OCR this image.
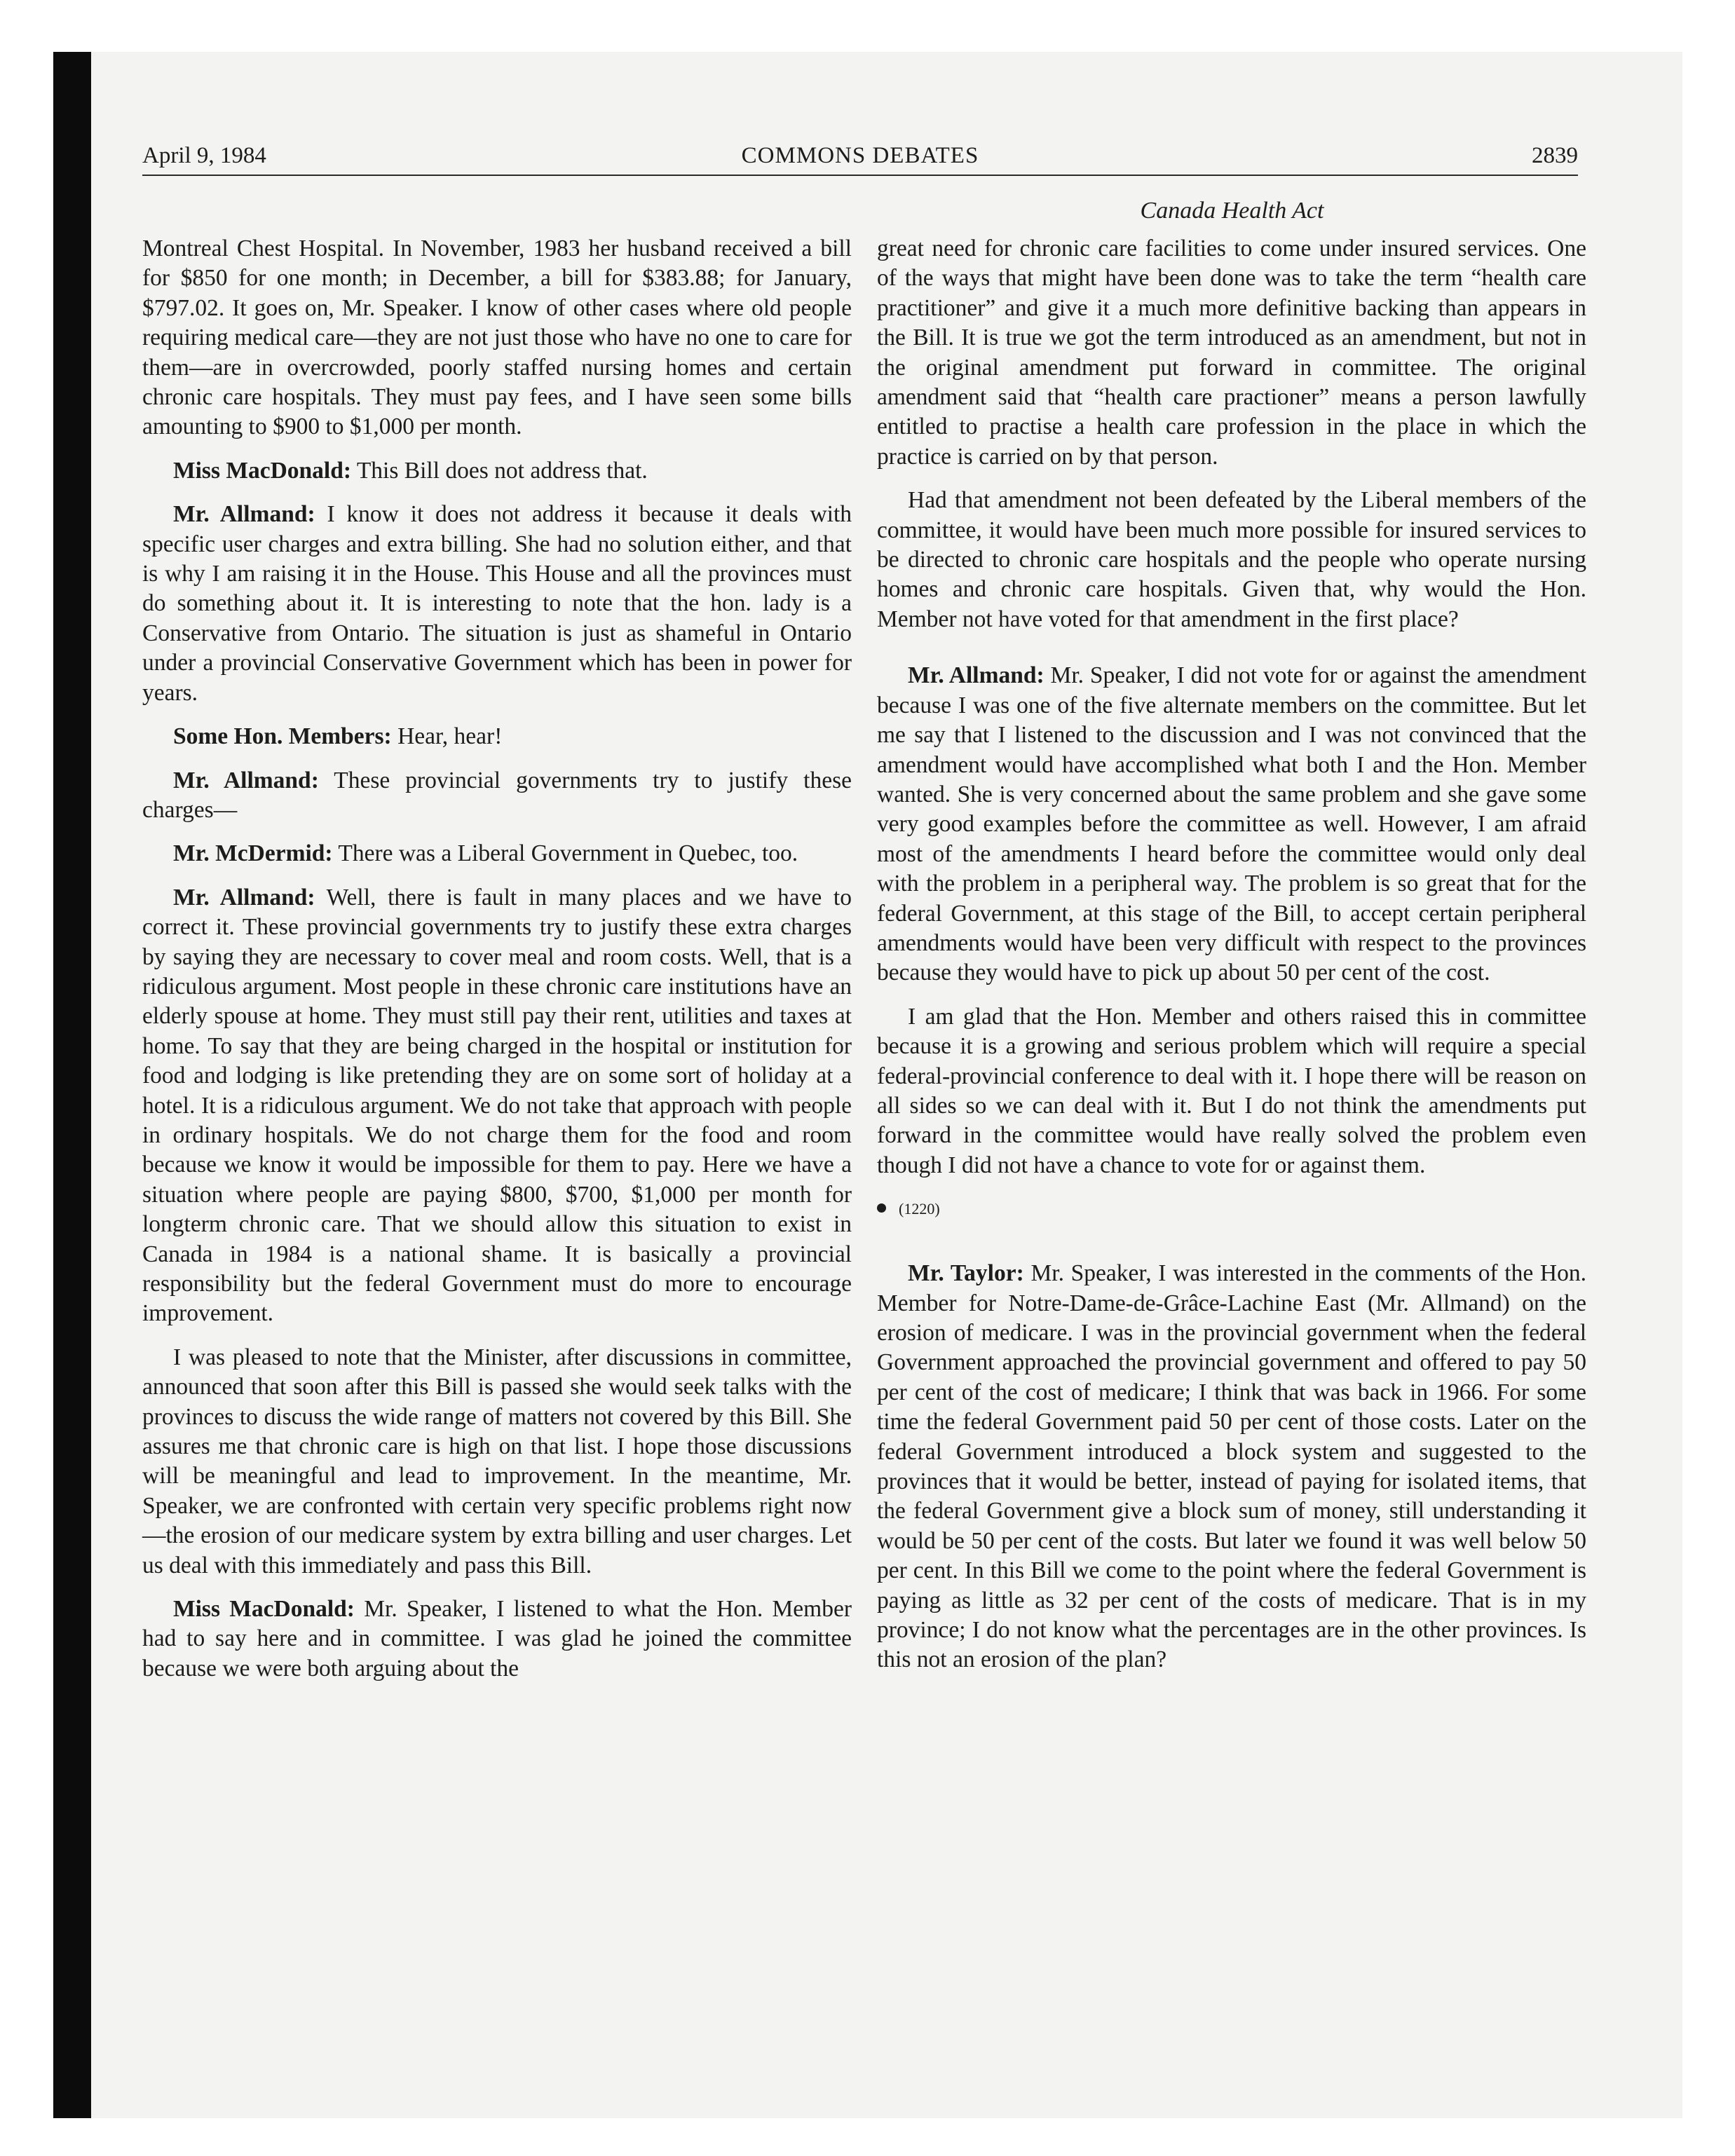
April 9, 1984	COMMONS DEBATES	2839
Canada Health Act

Montreal Chest Hospital. In November, 1983 her husband received a bill for $850 for one month; in December, a bill for $383.88; for January, $797.02. It goes on, Mr. Speaker. I know of other cases where old people requiring medical care—they are not just those who have no one to care for them—are in overcrowded, poorly staffed nursing homes and certain chronic care hospitals. They must pay fees, and I have seen some bills amounting to $900 to $1,000 per month.

Miss MacDonald: This Bill does not address that.

Mr. Allmand: I know it does not address it because it deals with specific user charges and extra billing. She had no solution either, and that is why I am raising it in the House. This House and all the provinces must do something about it. It is interesting to note that the hon. lady is a Conservative from Ontario. The situation is just as shameful in Ontario under a provincial Conservative Government which has been in power for years.

Some Hon. Members: Hear, hear!

Mr. Allmand: These provincial governments try to justify these charges—

Mr. McDermid: There was a Liberal Government in Quebec, too.

Mr. Allmand: Well, there is fault in many places and we have to correct it. These provincial governments try to justify these extra charges by saying they are necessary to cover meal and room costs. Well, that is a ridiculous argument. Most people in these chronic care institutions have an elderly spouse at home. They must still pay their rent, utilities and taxes at home. To say that they are being charged in the hospital or institution for food and lodging is like pretending they are on some sort of holiday at a hotel. It is a ridiculous argument. We do not take that approach with people in ordinary hospitals. We do not charge them for the food and room because we know it would be impossible for them to pay. Here we have a situation where people are paying $800, $700, $1,000 per month for longterm chronic care. That we should allow this situation to exist in Canada in 1984 is a national shame. It is basically a provincial responsibility but the federal Government must do more to encourage improvement.

I was pleased to note that the Minister, after discussions in committee, announced that soon after this Bill is passed she would seek talks with the provinces to discuss the wide range of matters not covered by this Bill. She assures me that chronic care is high on that list. I hope those discussions will be meaningful and lead to improvement. In the meantime, Mr. Speaker, we are confronted with certain very specific problems right now—the erosion of our medicare system by extra billing and user charges. Let us deal with this immediately and pass this Bill.

Miss MacDonald: Mr. Speaker, I listened to what the Hon. Member had to say here and in committee. I was glad he joined the committee because we were both arguing about the

great need for chronic care facilities to come under insured services. One of the ways that might have been done was to take the term “health care practitioner” and give it a much more definitive backing than appears in the Bill. It is true we got the term introduced as an amendment, but not in the original amendment put forward in committee. The original amendment said that “health care practioner” means a person lawfully entitled to practise a health care profession in the place in which the practice is carried on by that person.

Had that amendment not been defeated by the Liberal members of the committee, it would have been much more possible for insured services to be directed to chronic care hospitals and the people who operate nursing homes and chronic care hospitals. Given that, why would the Hon. Member not have voted for that amendment in the first place?

Mr. Allmand: Mr. Speaker, I did not vote for or against the amendment because I was one of the five alternate members on the committee. But let me say that I listened to the discussion and I was not convinced that the amendment would have accomplished what both I and the Hon. Member wanted. She is very concerned about the same problem and she gave some very good examples before the committee as well. However, I am afraid most of the amendments I heard before the committee would only deal with the problem in a peripheral way. The problem is so great that for the federal Government, at this stage of the Bill, to accept certain peripheral amendments would have been very difficult with respect to the provinces because they would have to pick up about 50 per cent of the cost.

I am glad that the Hon. Member and others raised this in committee because it is a growing and serious problem which will require a special federal-provincial conference to deal with it. I hope there will be reason on all sides so we can deal with it. But I do not think the amendments put forward in the committee would have really solved the problem even though I did not have a chance to vote for or against them.

(1220)

Mr. Taylor: Mr. Speaker, I was interested in the comments of the Hon. Member for Notre-Dame-de-Grâce-Lachine East (Mr. Allmand) on the erosion of medicare. I was in the provincial government when the federal Government approached the provincial government and offered to pay 50 per cent of the cost of medicare; I think that was back in 1966. For some time the federal Government paid 50 per cent of those costs. Later on the federal Government introduced a block system and suggested to the provinces that it would be better, instead of paying for isolated items, that the federal Government give a block sum of money, still understanding it would be 50 per cent of the costs. But later we found it was well below 50 per cent. In this Bill we come to the point where the federal Government is paying as little as 32 per cent of the costs of medicare. That is in my province; I do not know what the percentages are in the other provinces. Is this not an erosion of the plan?
